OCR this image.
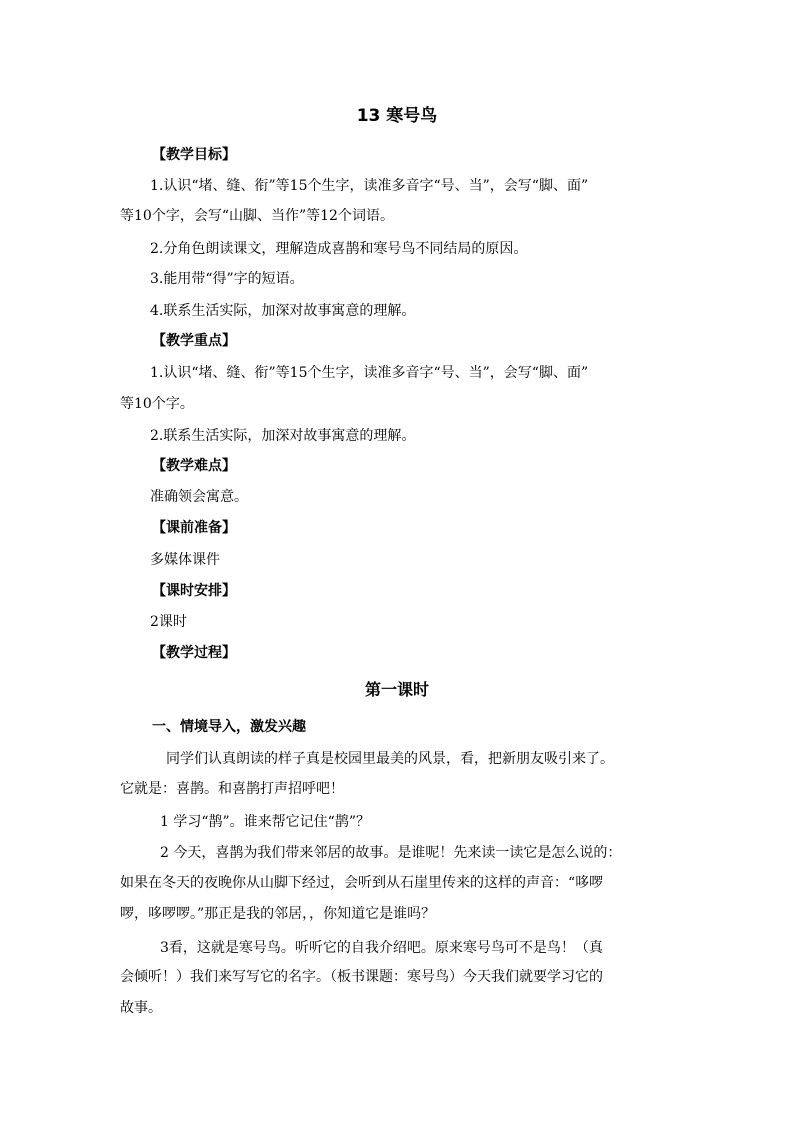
13 寒号鸟
【教学目标】
1.认识“堵、缝、衔”等15个生字，读准多音字“号、当”，会写“脚、面”
等10个字，会写“山脚、当作”等12个词语。
2.分角色朗读课文，理解造成喜鹊和寒号鸟不同结局的原因。
3.能用带“得”字的短语。
4.联系生活实际，加深对故事寓意的理解。
【教学重点】
1.认识“堵、缝、衔”等15个生字，读准多音字“号、当”，会写“脚、面”
等10个字。
2.联系生活实际，加深对故事寓意的理解。
【教学难点】
准确领会寓意。
【课前准备】
多媒体课件
【课时安排】
2课时
【教学过程】
第一课时
一、情境导入，激发兴趣
同学们认真朗读的样子真是校园里最美的风景，看，把新朋友吸引来了。
它就是：喜鹊。和喜鹊打声招呼吧！
1 学习“鹊”。谁来帮它记住“鹊”？
2 今天，喜鹊为我们带来邻居的故事。是谁呢！先来读一读它是怎么说的：
如果在冬天的夜晚你从山脚下经过，会听到从石崖里传来的这样的声音：“哆啰
啰，哆啰啰。”那正是我的邻居，，你知道它是谁吗？
3看，这就是寒号鸟。听听它的自我介绍吧。原来寒号鸟可不是鸟！（真
会倾听！）我们来写写它的名字。（板书课题：寒号鸟）今天我们就要学习它的
故事。
